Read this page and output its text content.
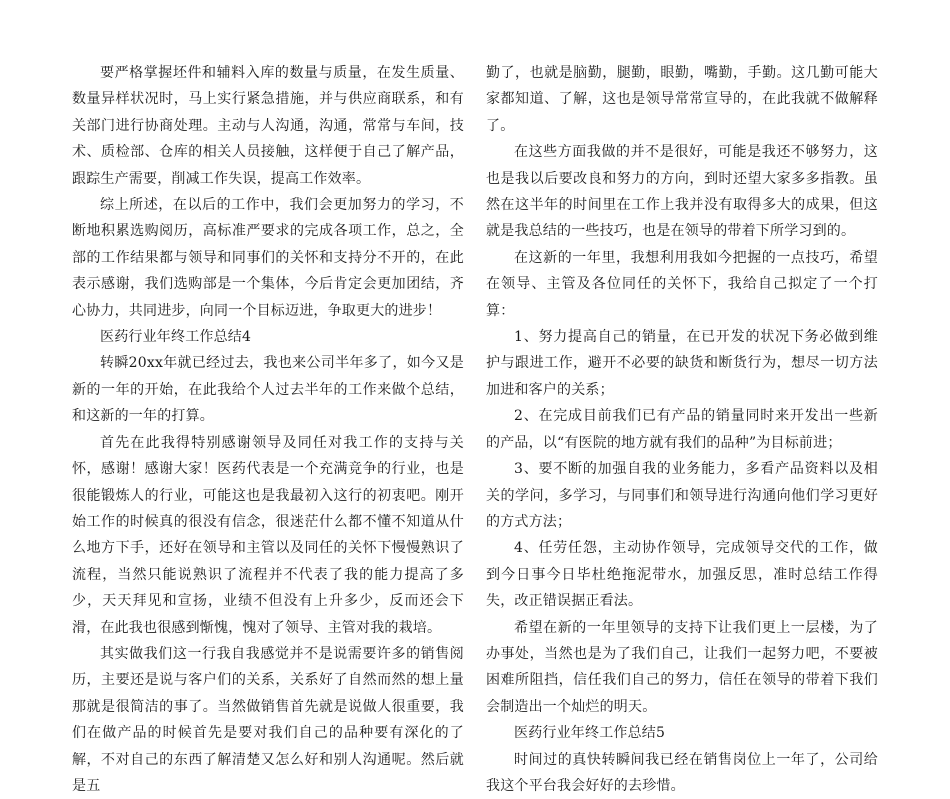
要严格掌握坯件和辅料入库的数量与质量，在发生质量、数量异样状况时，马上实行紧急措施，并与供应商联系，和有关部门进行协商处理。主动与人沟通，沟通，常常与车间，技术、质检部、仓库的相关人员接触，这样便于自己了解产品，跟踪生产需要，削减工作失误，提高工作效率。

综上所述，在以后的工作中，我们会更加努力的学习，不断地积累选购阅历，高标准严要求的完成各项工作，总之，全部的工作结果都与领导和同事们的关怀和支持分不开的，在此表示感谢，我们选购部是一个集体，今后肯定会更加团结，齐心协力，共同进步，向同一个目标迈进，争取更大的进步！

医药行业年终工作总结4

转瞬20xx年就已经过去，我也来公司半年多了，如今又是新的一年的开始，在此我给个人过去半年的工作来做个总结，和这新的一年的打算。

首先在此我得特别感谢领导及同任对我工作的支持与关怀，感谢！感谢大家！医药代表是一个充满竞争的行业，也是很能锻炼人的行业，可能这也是我最初入这行的初衷吧。刚开始工作的时候真的很没有信念，很迷茫什么都不懂不知道从什么地方下手，还好在领导和主管以及同任的关怀下慢慢熟识了流程，当然只能说熟识了流程并不代表了我的能力提高了多少，天天拜见和宣扬，业绩不但没有上升多少，反而还会下滑，在此我也很感到惭愧，愧对了领导、主管对我的栽培。

其实做我们这一行我自我感觉并不是说需要许多的销售阅历，主要还是说与客户们的关系，关系好了自然而然的想上量那就是很简洁的事了。当然做销售首先就是说做人很重要，我们在做产品的时候首先是要对我们自己的品种要有深化的了解，不对自己的东西了解清楚又怎么好和别人沟通呢。然后就是五

勤了，也就是脑勤，腿勤，眼勤，嘴勤，手勤。这几勤可能大家都知道、了解，这也是领导常常宣导的，在此我就不做解释了。

在这些方面我做的并不是很好，可能是我还不够努力，这也是我以后要改良和努力的方向，到时还望大家多多指教。虽然在这半年的时间里在工作上我并没有取得多大的成果，但这就是我总结的一些技巧，也是在领导的带着下所学习到的。

在这新的一年里，我想利用我如今把握的一点技巧，希望在领导、主管及各位同任的关怀下，我给自己拟定了一个打算：

1、努力提高自己的销量，在已开发的状况下务必做到维护与跟进工作，避开不必要的缺货和断货行为，想尽一切方法加进和客户的关系；

2、在完成目前我们已有产品的销量同时来开发出一些新的产品，以“有医院的地方就有我们的品种”为目标前进；

3、要不断的加强自我的业务能力，多看产品资料以及相关的学问，多学习，与同事们和领导进行沟通向他们学习更好的方式方法；

4、任劳任怨，主动协作领导，完成领导交代的工作，做到今日事今日毕杜绝拖泥带水，加强反思，准时总结工作得失，改正错误据正看法。

希望在新的一年里领导的支持下让我们更上一层楼，为了办事处，当然也是为了我们自己，让我们一起努力吧，不要被困难所阻挡，信任我们自己的努力，信任在领导的带着下我们会制造出一个灿烂的明天。

医药行业年终工作总结5

时间过的真快转瞬间我已经在销售岗位上一年了，公司给我这个平台我会好好的去珍惜。
